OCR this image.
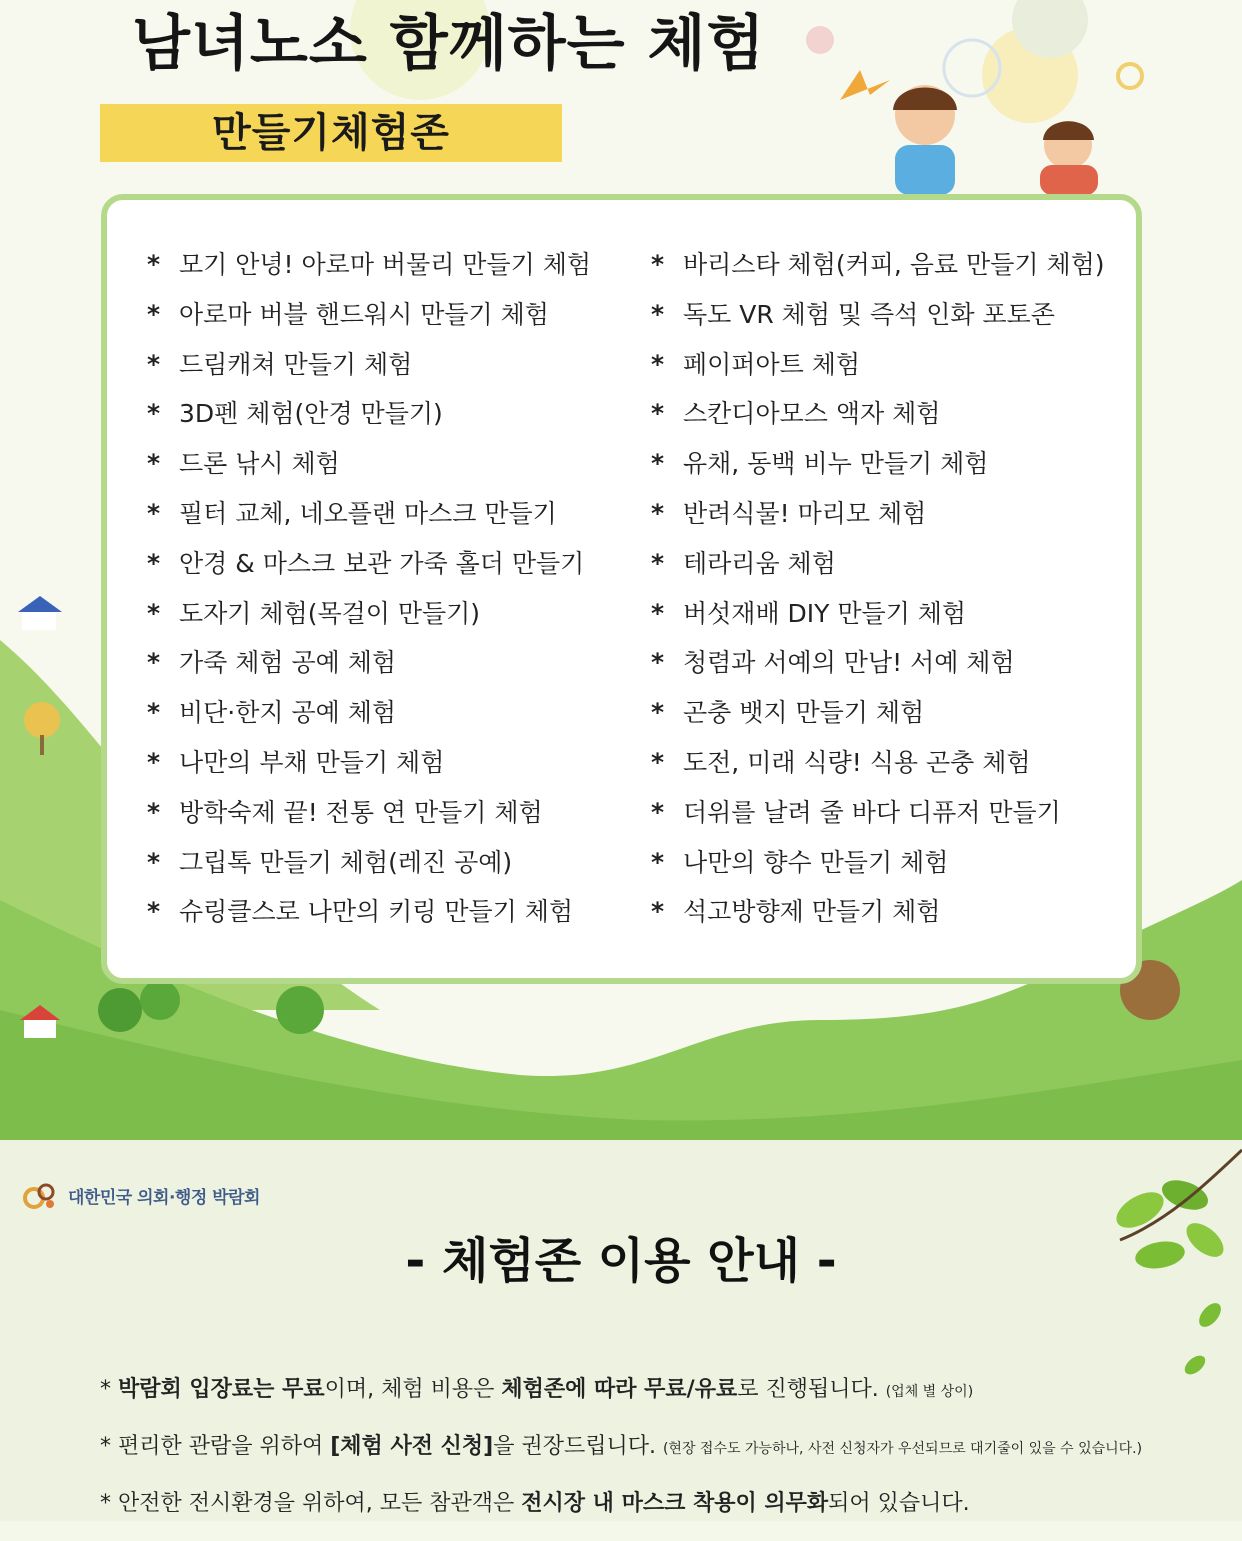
남녀노소 함께하는 체험
만들기체험존
* 모기 안녕! 아로마 버물리 만들기 체험
* 아로마 버블 핸드워시 만들기 체험
* 드림캐쳐 만들기 체험
* 3D펜 체험(안경 만들기)
* 드론 낚시 체험
* 필터 교체, 네오플랜 마스크 만들기
* 안경 & 마스크 보관 가죽 홀더 만들기
* 도자기 체험(목걸이 만들기)
* 가죽 체험 공예 체험
* 비단·한지 공예 체험
* 나만의 부채 만들기 체험
* 방학숙제 끝! 전통 연 만들기 체험
* 그립톡 만들기 체험(레진 공예)
* 슈링클스로 나만의 키링 만들기 체험
* 바리스타 체험(커피, 음료 만들기 체험)
* 독도 VR 체험 및 즉석 인화 포토존
* 페이퍼아트 체험
* 스칸디아모스 액자 체험
* 유채, 동백 비누 만들기 체험
* 반려식물! 마리모 체험
* 테라리움 체험
* 버섯재배 DIY 만들기 체험
* 청렴과 서예의 만남! 서예 체험
* 곤충 뱃지 만들기 체험
* 도전, 미래 식량! 식용 곤충 체험
* 더위를 날려 줄 바다 디퓨저 만들기
* 나만의 향수 만들기 체험
* 석고방향제 만들기 체험
대한민국 의회·행정 박람회
- 체험존 이용 안내 -
* 박람회 입장료는 무료이며, 체험 비용은 체험존에 따라 무료/유료로 진행됩니다. (업체 별 상이)
* 편리한 관람을 위하여 [체험 사전 신청]을 권장드립니다. (현장 접수도 가능하나, 사전 신청자가 우선되므로 대기줄이 있을 수 있습니다.)
* 안전한 전시환경을 위하여, 모든 참관객은 전시장 내 마스크 착용이 의무화되어 있습니다.
